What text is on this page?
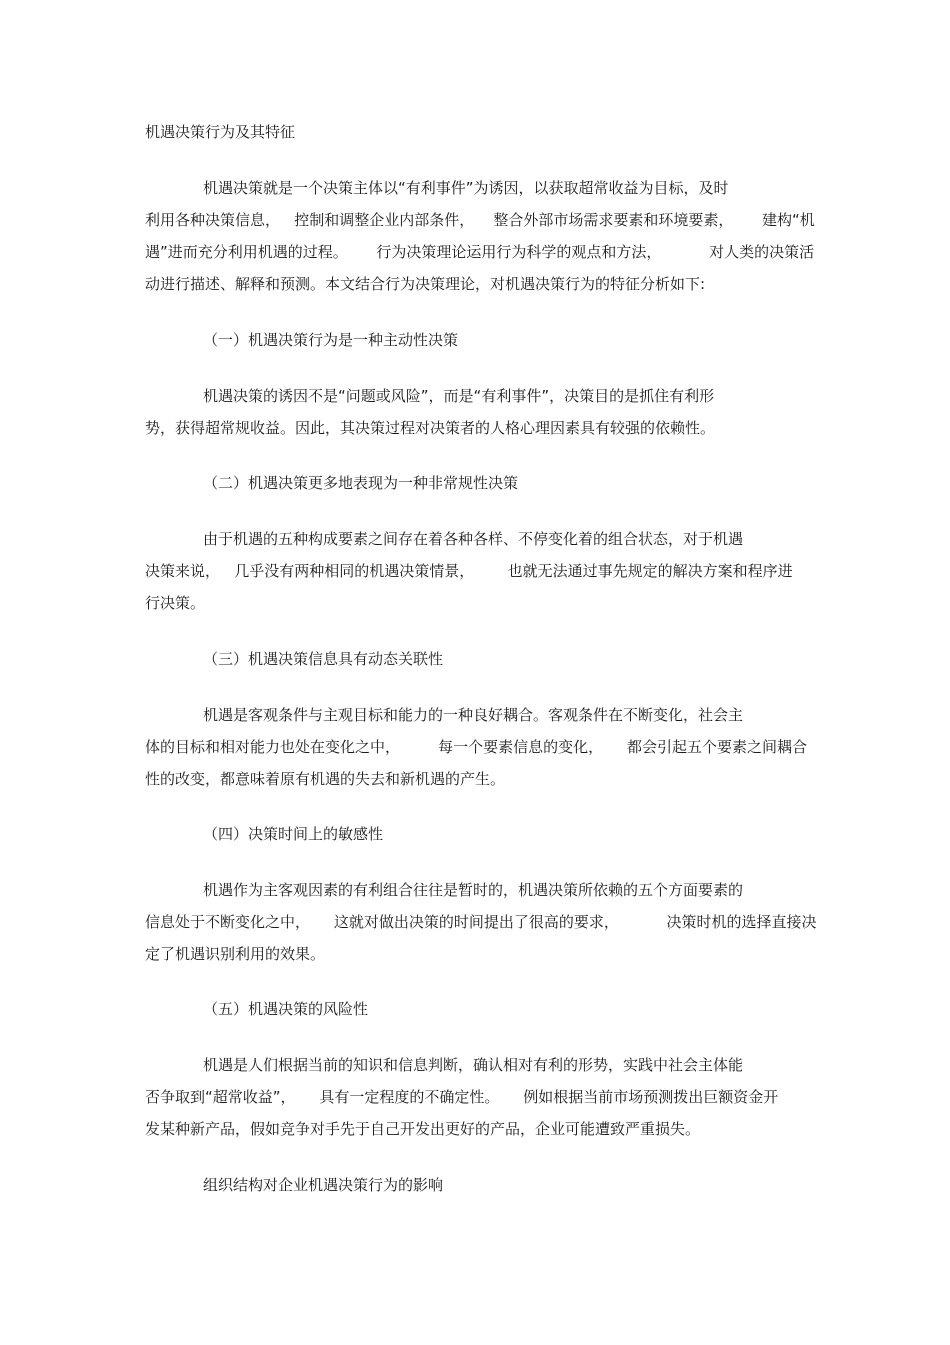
机遇决策行为及其特征
机遇决策就是一个决策主体以“有利事件”为诱因，以获取超常收益为目标，及时
利用各种决策信息，   控制和调整企业内部条件，    整合外部市场需求要素和环境要素，      建构“机
遇”进而充分利用机遇的过程。      行为决策理论运用行为科学的观点和方法，          对人类的决策活
动进行描述、解释和预测。本文结合行为决策理论，对机遇决策行为的特征分析如下:
（一）机遇决策行为是一种主动性决策
机遇决策的诱因不是“问题或风险”，而是“有利事件”，决策目的是抓住有利形
势，获得超常规收益。因此，其决策过程对决策者的人格心理因素具有较强的依赖性。
（二）机遇决策更多地表现为一种非常规性决策
由于机遇的五种构成要素之间存在着各种各样、不停变化着的组合状态，对于机遇
决策来说，   几乎没有两种相同的机遇决策情景，       也就无法通过事先规定的解决方案和程序进
行决策。
（三）机遇决策信息具有动态关联性
机遇是客观条件与主观目标和能力的一种良好耦合。客观条件在不断变化，社会主
体的目标和相对能力也处在变化之中，        每一个要素信息的变化，     都会引起五个要素之间耦合
性的改变，都意味着原有机遇的失去和新机遇的产生。
（四）决策时间上的敏感性
机遇作为主客观因素的有利组合往往是暂时的，机遇决策所依赖的五个方面要素的
信息处于不断变化之中，     这就对做出决策的时间提出了很高的要求，          决策时机的选择直接决
定了机遇识别利用的效果。
（五）机遇决策的风险性
机遇是人们根据当前的知识和信息判断，确认相对有利的形势，实践中社会主体能
否争取到“超常收益”，     具有一定程度的不确定性。     例如根据当前市场预测拨出巨额资金开
发某种新产品，假如竞争对手先于自己开发出更好的产品，企业可能遭致严重损失。
组织结构对企业机遇决策行为的影响
